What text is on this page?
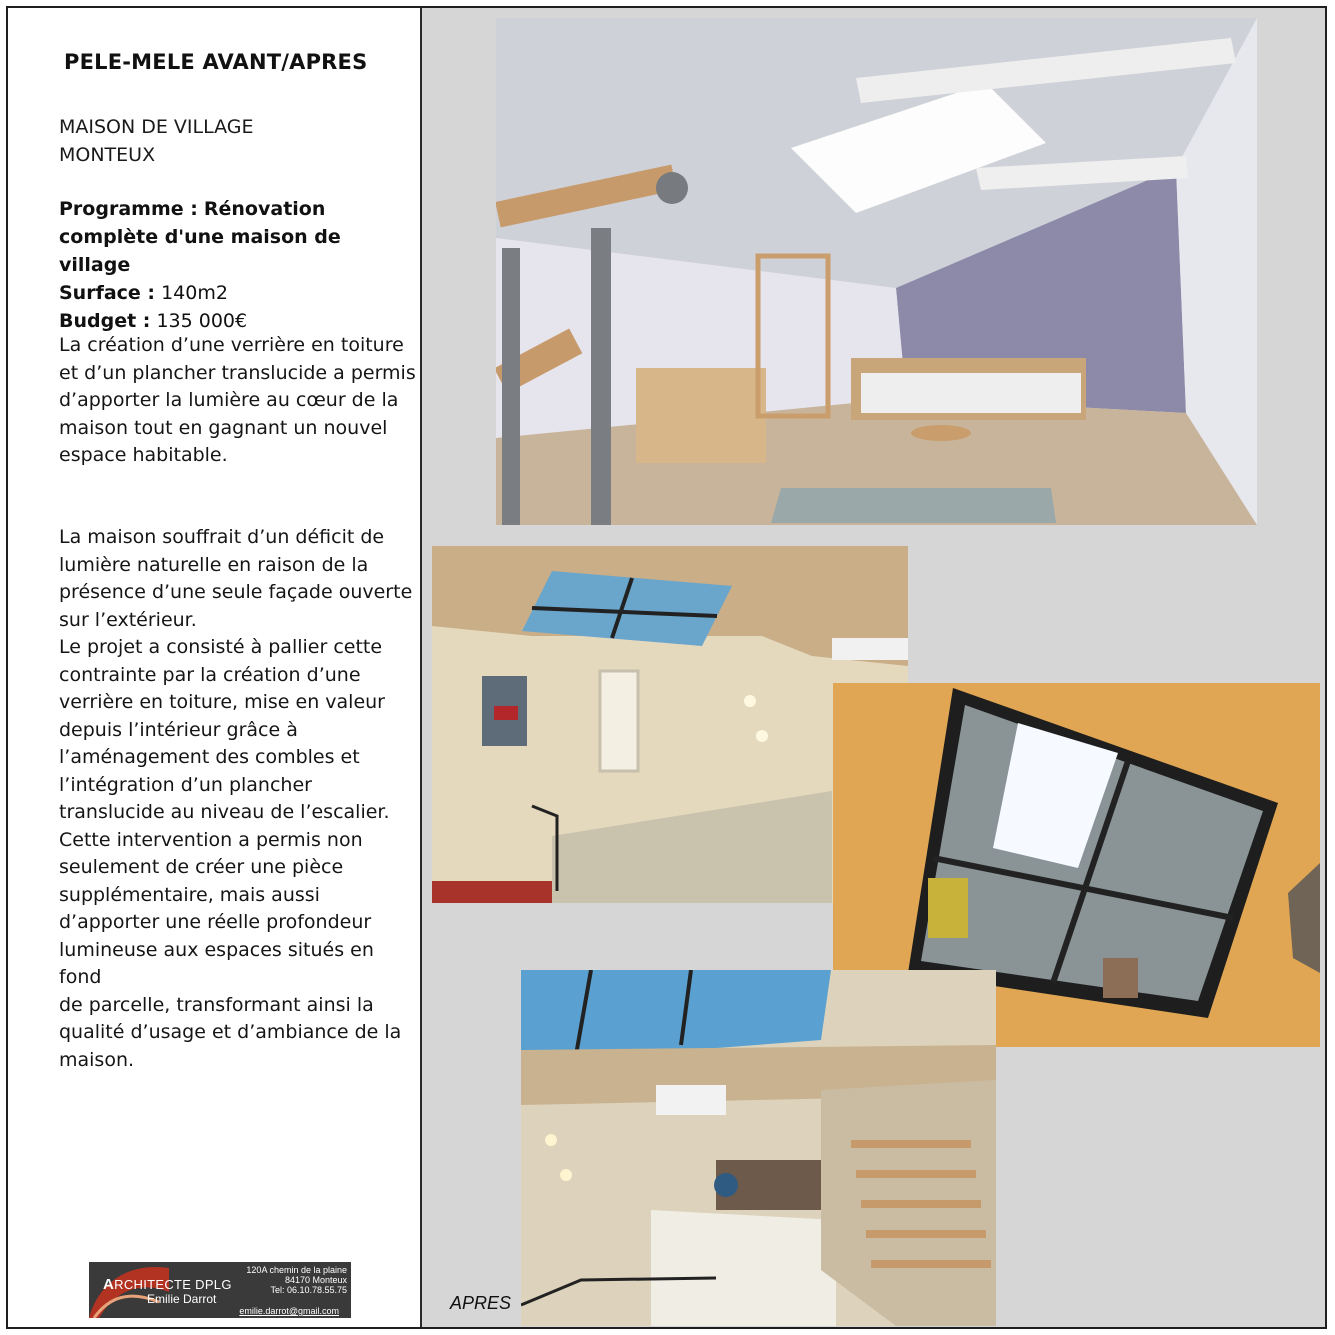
PELE-MELE AVANT/APRES
MAISON DE VILLAGE
MONTEUX
Programme : Rénovation complète d'une maison de village
Surface : 140m2
Budget : 135 000€
La création d’une verrière en toiture
et d’un plancher translucide a permis
d’apporter la lumière au cœur de la
maison tout en gagnant un nouvel
espace habitable.
La maison souffrait d’un déficit de
lumière naturelle en raison de la
présence d’une seule façade ouverte
sur l’extérieur.
Le projet a consisté à pallier cette
contrainte par la création d’une
verrière en toiture, mise en valeur
depuis l’intérieur grâce à
l’aménagement des combles et
l’intégration d’un plancher
translucide au niveau de l’escalier.
Cette intervention a permis non
seulement de créer une pièce
supplémentaire, mais aussi
d’apporter une réelle profondeur
lumineuse aux espaces situés en fond
de parcelle, transformant ainsi la
qualité d’usage et d’ambiance de la
maison.
ARCHITECTE DPLG
Emilie Darrot
120A chemin de la plaine
84170 Monteux
Tel: 06.10.78.55.75
emilie.darrot@gmail.com	APRES
